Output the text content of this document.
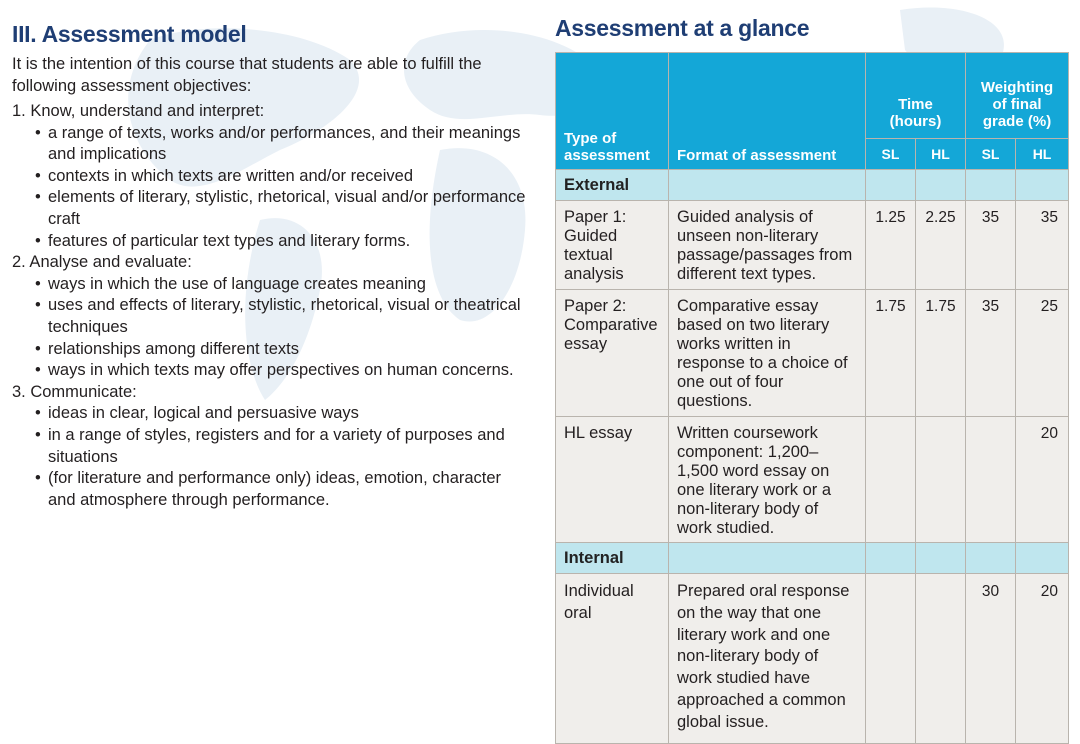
III. Assessment model

It is the intention of this course that students are able to fulfill the following assessment objectives:

1. Know, understand and interpret:
• a range of texts, works and/or performances, and their meanings and implications
• contexts in which texts are written and/or received
• elements of literary, stylistic, rhetorical, visual and/or performance craft
• features of particular text types and literary forms.
2. Analyse and evaluate:
• ways in which the use of language creates meaning
• uses and effects of literary, stylistic, rhetorical, visual or theatrical techniques
• relationships among different texts
• ways in which texts may offer perspectives on human concerns.
3. Communicate:
• ideas in clear, logical and persuasive ways
• in a range of styles, registers and for a variety of purposes and situations
• (for literature and performance only) ideas, emotion, character and atmosphere through performance.
Assessment at a glance
Type of assessment	Format of assessment	Time (hours)		Weighting of final grade (%)	
		SL	HL	SL	HL
External					
Paper 1: Guided textual analysis	Guided analysis of unseen non-literary passage/passages from different text types.	1.25	2.25	35	35
Paper 2: Comparative essay	Comparative essay based on two literary works written in response to a choice of one out of four questions.	1.75	1.75	35	25
HL essay	Written coursework component: 1,200–1,500 word essay on one literary work or a non-literary body of work studied.				20
Internal					
Individual oral	Prepared oral response on the way that one literary work and one non-literary body of work studied have approached a common global issue.			30	20
